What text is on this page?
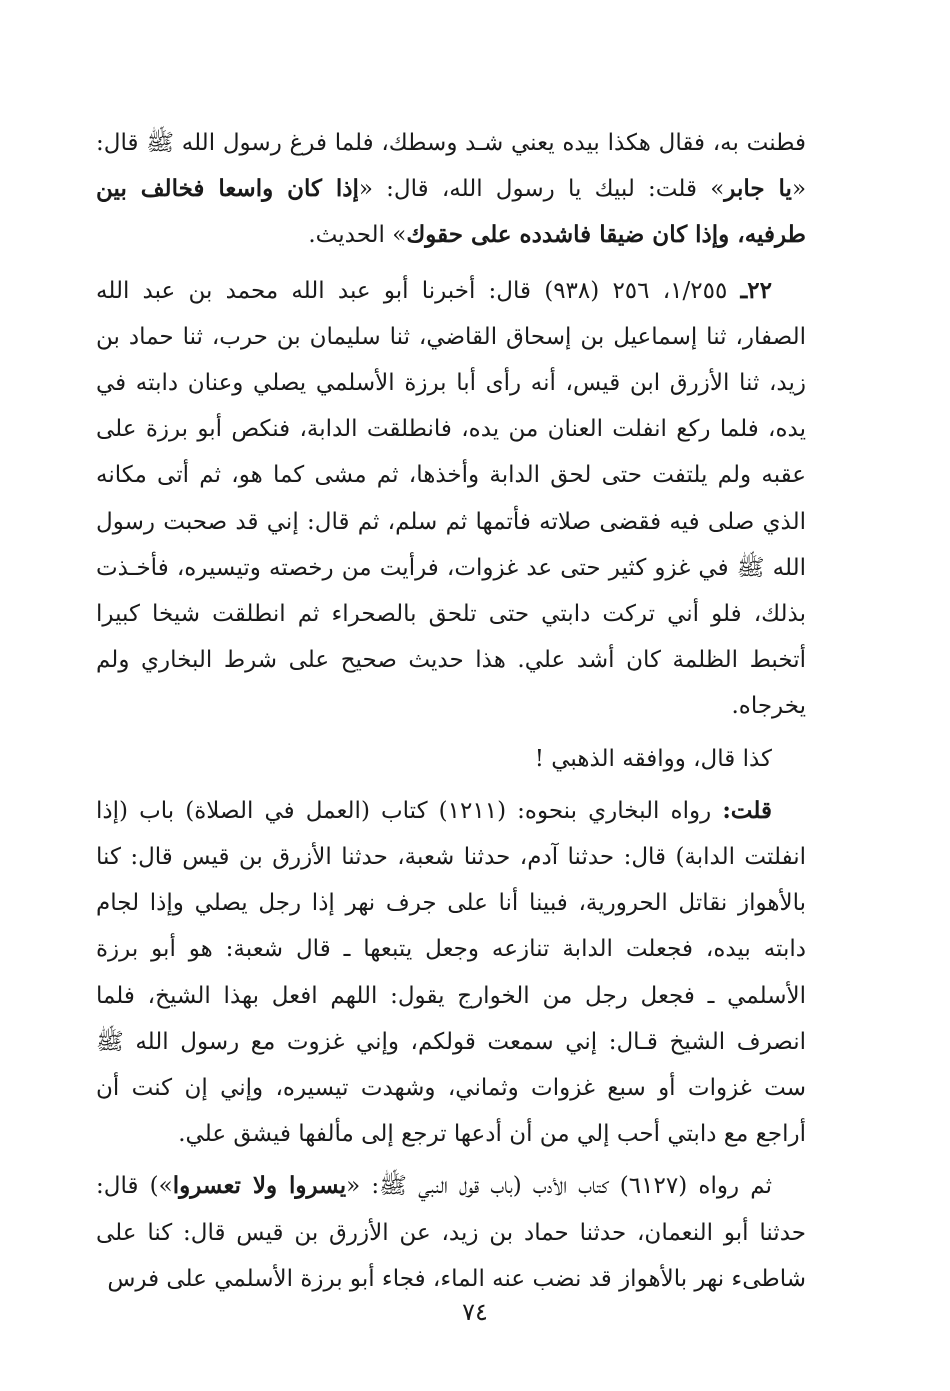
فطنت به، فقال هكذا بيده يعني شـد وسطك، فلما فرغ رسول الله ﷺ قال: «يا جابر» قلت: لبيك يا رسول الله، قال: «إذا كان واسعا فخالف بين طرفيه، وإذا كان ضيقا فاشدده على حقوك» الحديث.

٢٢ـ ١/٢٥٥، ٢٥٦ (٩٣٨) قال: أخبرنا أبو عبد الله محمد بن عبد الله الصفار، ثنا إسماعيل بن إسحاق القاضي، ثنا سليمان بن حرب، ثنا حماد بن زيد، ثنا الأزرق ابن قيس، أنه رأى أبا برزة الأسلمي يصلي وعنان دابته في يده، فلما ركع انفلت العنان من يده، فانطلقت الدابة، فنكص أبو برزة على عقبه ولم يلتفت حتى لحق الدابة وأخذها، ثم مشى كما هو، ثم أتى مكانه الذي صلى فيه فقضى صلاته فأتمها ثم سلم، ثم قال: إني قد صحبت رسول الله ﷺ في غزو كثير حتى عد غزوات، فرأيت من رخصته وتيسيره، فأخـذت بذلك، فلو أني تركت دابتي حتى تلحق بالصحراء ثم انطلقت شيخا كبيرا أتخبط الظلمة كان أشد علي. هذا حديث صحيح على شرط البخاري ولم يخرجاه.

كذا قال، ووافقه الذهبي !

قلت: رواه البخاري بنحوه: (١٢١١) كتاب (العمل في الصلاة) باب (إذا انفلتت الدابة) قال: حدثنا آدم، حدثنا شعبة، حدثنا الأزرق بن قيس قال: كنا بالأهواز نقاتل الحرورية، فبينا أنا على جرف نهر إذا رجل يصلي وإذا لجام دابته بيده، فجعلت الدابة تنازعه وجعل يتبعها ـ قال شعبة: هو أبو برزة الأسلمي ـ فجعل رجل من الخوارج يقول: اللهم افعل بهذا الشيخ، فلما انصرف الشيخ قـال: إني سمعت قولكم، وإني غزوت مع رسول الله ﷺ ست غزوات أو سبع غزوات وثماني، وشهدت تيسيره، وإني إن كنت أن أراجع مع دابتي أحب إلي من أن أدعها ترجع إلى مألفها فيشق علي.

ثم رواه (٦١٢٧) كتاب الأدب (باب قول النبي ﷺ: «يسروا ولا تعسروا») قال: حدثنا أبو النعمان، حدثنا حماد بن زيد، عن الأزرق بن قيس قال: كنا على شاطىء نهر بالأهواز قد نضب عنه الماء، فجاء أبو برزة الأسلمي على فرس

٧٤
